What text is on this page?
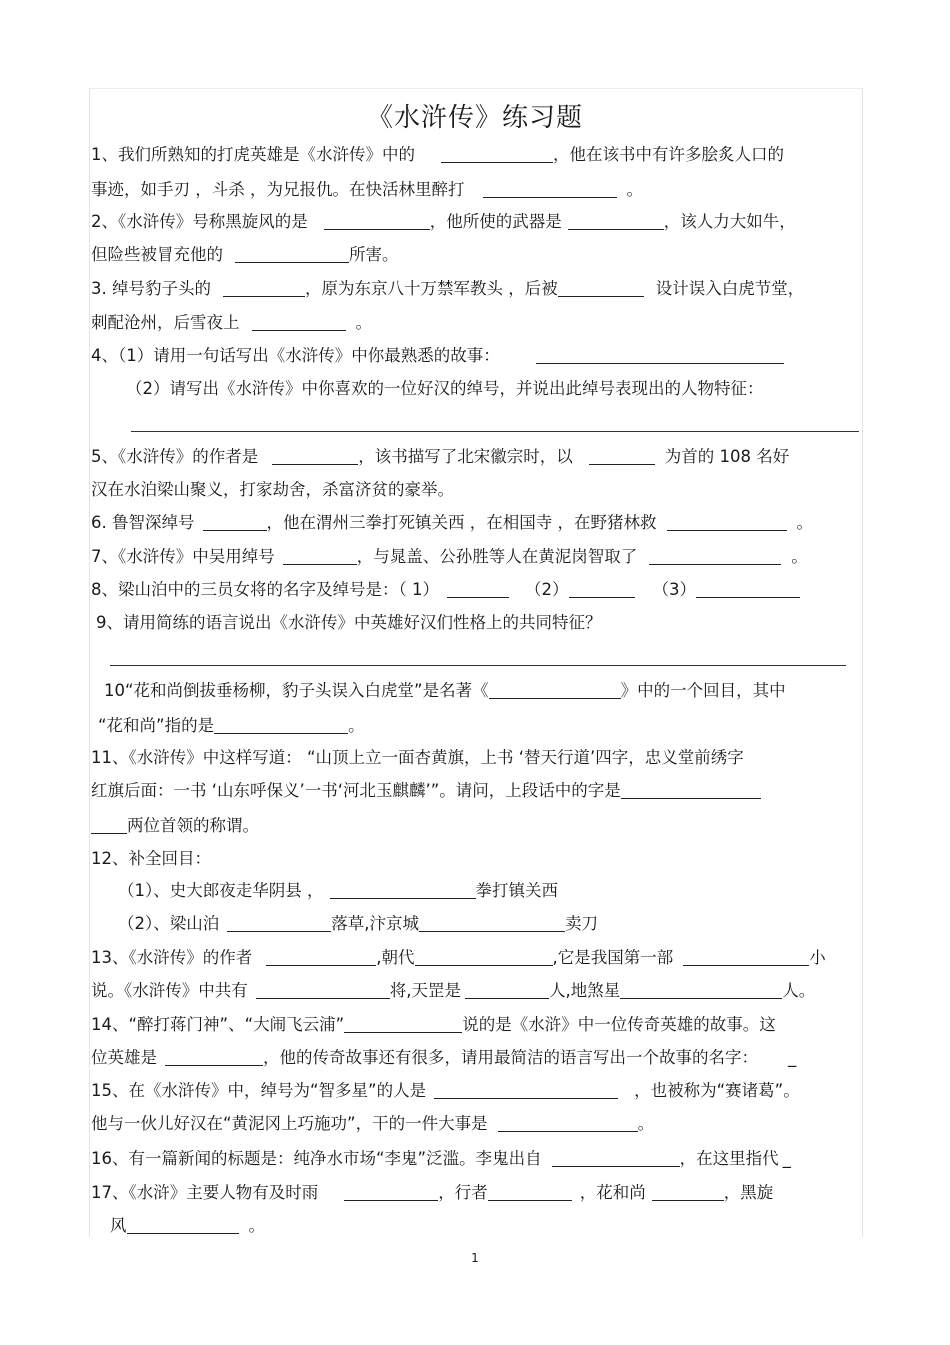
《水浒传》练习题
1、我们所熟知的打虎英雄是《水浒传》中的	，他在该书中有许多脍炙人口的
事迹，如手刃 ，斗杀 ，为兄报仇。在快活林里醉打	。
2、《水浒传》号称黑旋风的是	，他所使的武器是	，该人力大如牛，
但险些被冒充他的	所害。
3. 绰号豹子头的	，原为东京八十万禁军教头 ，后被	设计误入白虎节堂，
刺配沧州，后雪夜上	。
4、（1）请用一句话写出《水浒传》中你最熟悉的故事：
（2）请写出《水浒传》中你喜欢的一位好汉的绰号，并说出此绰号表现出的人物特征：
5、《水浒传》的作者是	，该书描写了北宋徽宗时，以	为首的 108 名好
汉在水泊梁山聚义，打家劫舍，杀富济贫的豪举。
6. 鲁智深绰号	，他在渭州三拳打死镇关西 ，在相国寺 ，在野猪林救	。
7、《水浒传》中吴用绰号	，与晁盖、公孙胜等人在黄泥岗智取了	。
8、梁山泊中的三员女将的名字及绰号是：（ 1）	（2）	（3）
9、请用简练的语言说出《水浒传》中英雄好汉们性格上的共同特征？
10“花和尚倒拔垂杨柳，豹子头误入白虎堂”是名著《	》中的一个回目，其中
“花和尚”指的是	。
11、《水浒传》中这样写道： “山顶上立一面杏黄旗，上书 ‘替天行道’四字，忠义堂前绣字
红旗后面：一书 ‘山东呼保义’一书‘河北玉麒麟’”。请问，上段话中的字是
两位首领的称谓。
12、补全回目：
（1）、史大郎夜走华阴县 ，	拳打镇关西
（2）、梁山泊	落草,汴京城	卖刀
13、《水浒传》的作者	,朝代	,它是我国第一部	小
说。《水浒传》中共有	将,天罡是	人,地煞星	人。
14、“醉打蒋门神”、“大闹飞云浦”	说的是《水浒》中一位传奇英雄的故事。这
位英雄是	，他的传奇故事还有很多，请用最简洁的语言写出一个故事的名字： _
15、在《水浒传》中，绰号为“智多星”的人是	，也被称为“赛诸葛”。
他与一伙儿好汉在“黄泥冈上巧施功”，干的一件大事是	。
16、有一篇新闻的标题是：纯净水市场“李鬼”泛滥。李鬼出自	，在这里指代 _
17、《水浒》主要人物有及时雨	，行者	，花和尚	，黑旋
风	。
1
